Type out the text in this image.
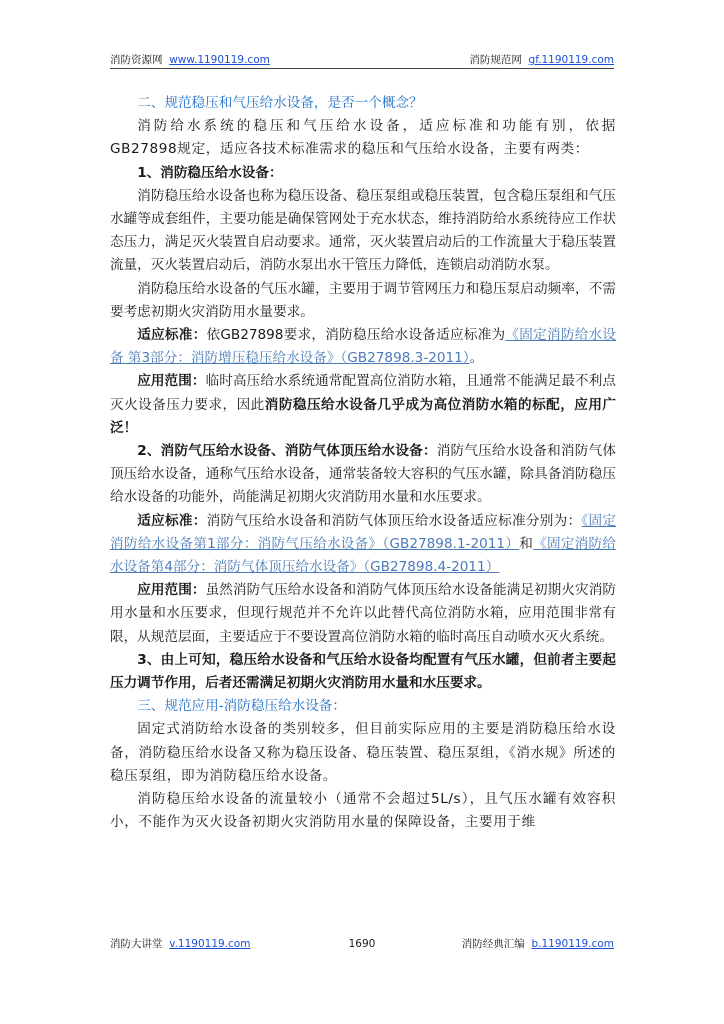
消防资源网 www.1190119.com	消防规范网 gf.1190119.com

二、规范稳压和气压给水设备，是否一个概念？

消防给水系统的稳压和气压给水设备，适应标准和功能有别，依据GB27898规定，适应各技术标准需求的稳压和气压给水设备，主要有两类：

1、消防稳压给水设备：

消防稳压给水设备也称为稳压设备、稳压泵组或稳压装置，包含稳压泵组和气压水罐等成套组件，主要功能是确保管网处于充水状态，维持消防给水系统待应工作状态压力，满足灭火装置自启动要求。通常，灭火装置启动后的工作流量大于稳压装置流量，灭火装置启动后，消防水泵出水干管压力降低，连锁启动消防水泵。

消防稳压给水设备的气压水罐，主要用于调节管网压力和稳压泵启动频率，不需要考虑初期火灾消防用水量要求。

适应标准：依GB27898要求，消防稳压给水设备适应标准为《固定消防给水设备 第3部分：消防增压稳压给水设备》（GB27898.3-2011）。

应用范围：临时高压给水系统通常配置高位消防水箱，且通常不能满足最不利点灭火设备压力要求，因此消防稳压给水设备几乎成为高位消防水箱的标配，应用广泛！

2、消防气压给水设备、消防气体顶压给水设备：消防气压给水设备和消防气体顶压给水设备，通称气压给水设备，通常装备较大容积的气压水罐，除具备消防稳压给水设备的功能外，尚能满足初期火灾消防用水量和水压要求。

适应标准：消防气压给水设备和消防气体顶压给水设备适应标准分别为：《固定消防给水设备第1部分：消防气压给水设备》（GB27898.1-2011）和《固定消防给水设备第4部分：消防气体顶压给水设备》（GB27898.4-2011）

应用范围：虽然消防气压给水设备和消防气体顶压给水设备能满足初期火灾消防用水量和水压要求，但现行规范并不允许以此替代高位消防水箱，应用范围非常有限，从规范层面，主要适应于不要设置高位消防水箱的临时高压自动喷水灭火系统。

3、由上可知，稳压给水设备和气压给水设备均配置有气压水罐，但前者主要起压力调节作用，后者还需满足初期火灾消防用水量和水压要求。

三、规范应用-消防稳压给水设备：

固定式消防给水设备的类别较多，但目前实际应用的主要是消防稳压给水设备，消防稳压给水设备又称为稳压设备、稳压装置、稳压泵组，《消水规》所述的稳压泵组，即为消防稳压给水设备。

消防稳压给水设备的流量较小（通常不会超过5L/s），且气压水罐有效容积小，不能作为灭火设备初期火灾消防用水量的保障设备，主要用于维

消防大讲堂 v.1190119.com	1690	消防经典汇编 b.1190119.com
